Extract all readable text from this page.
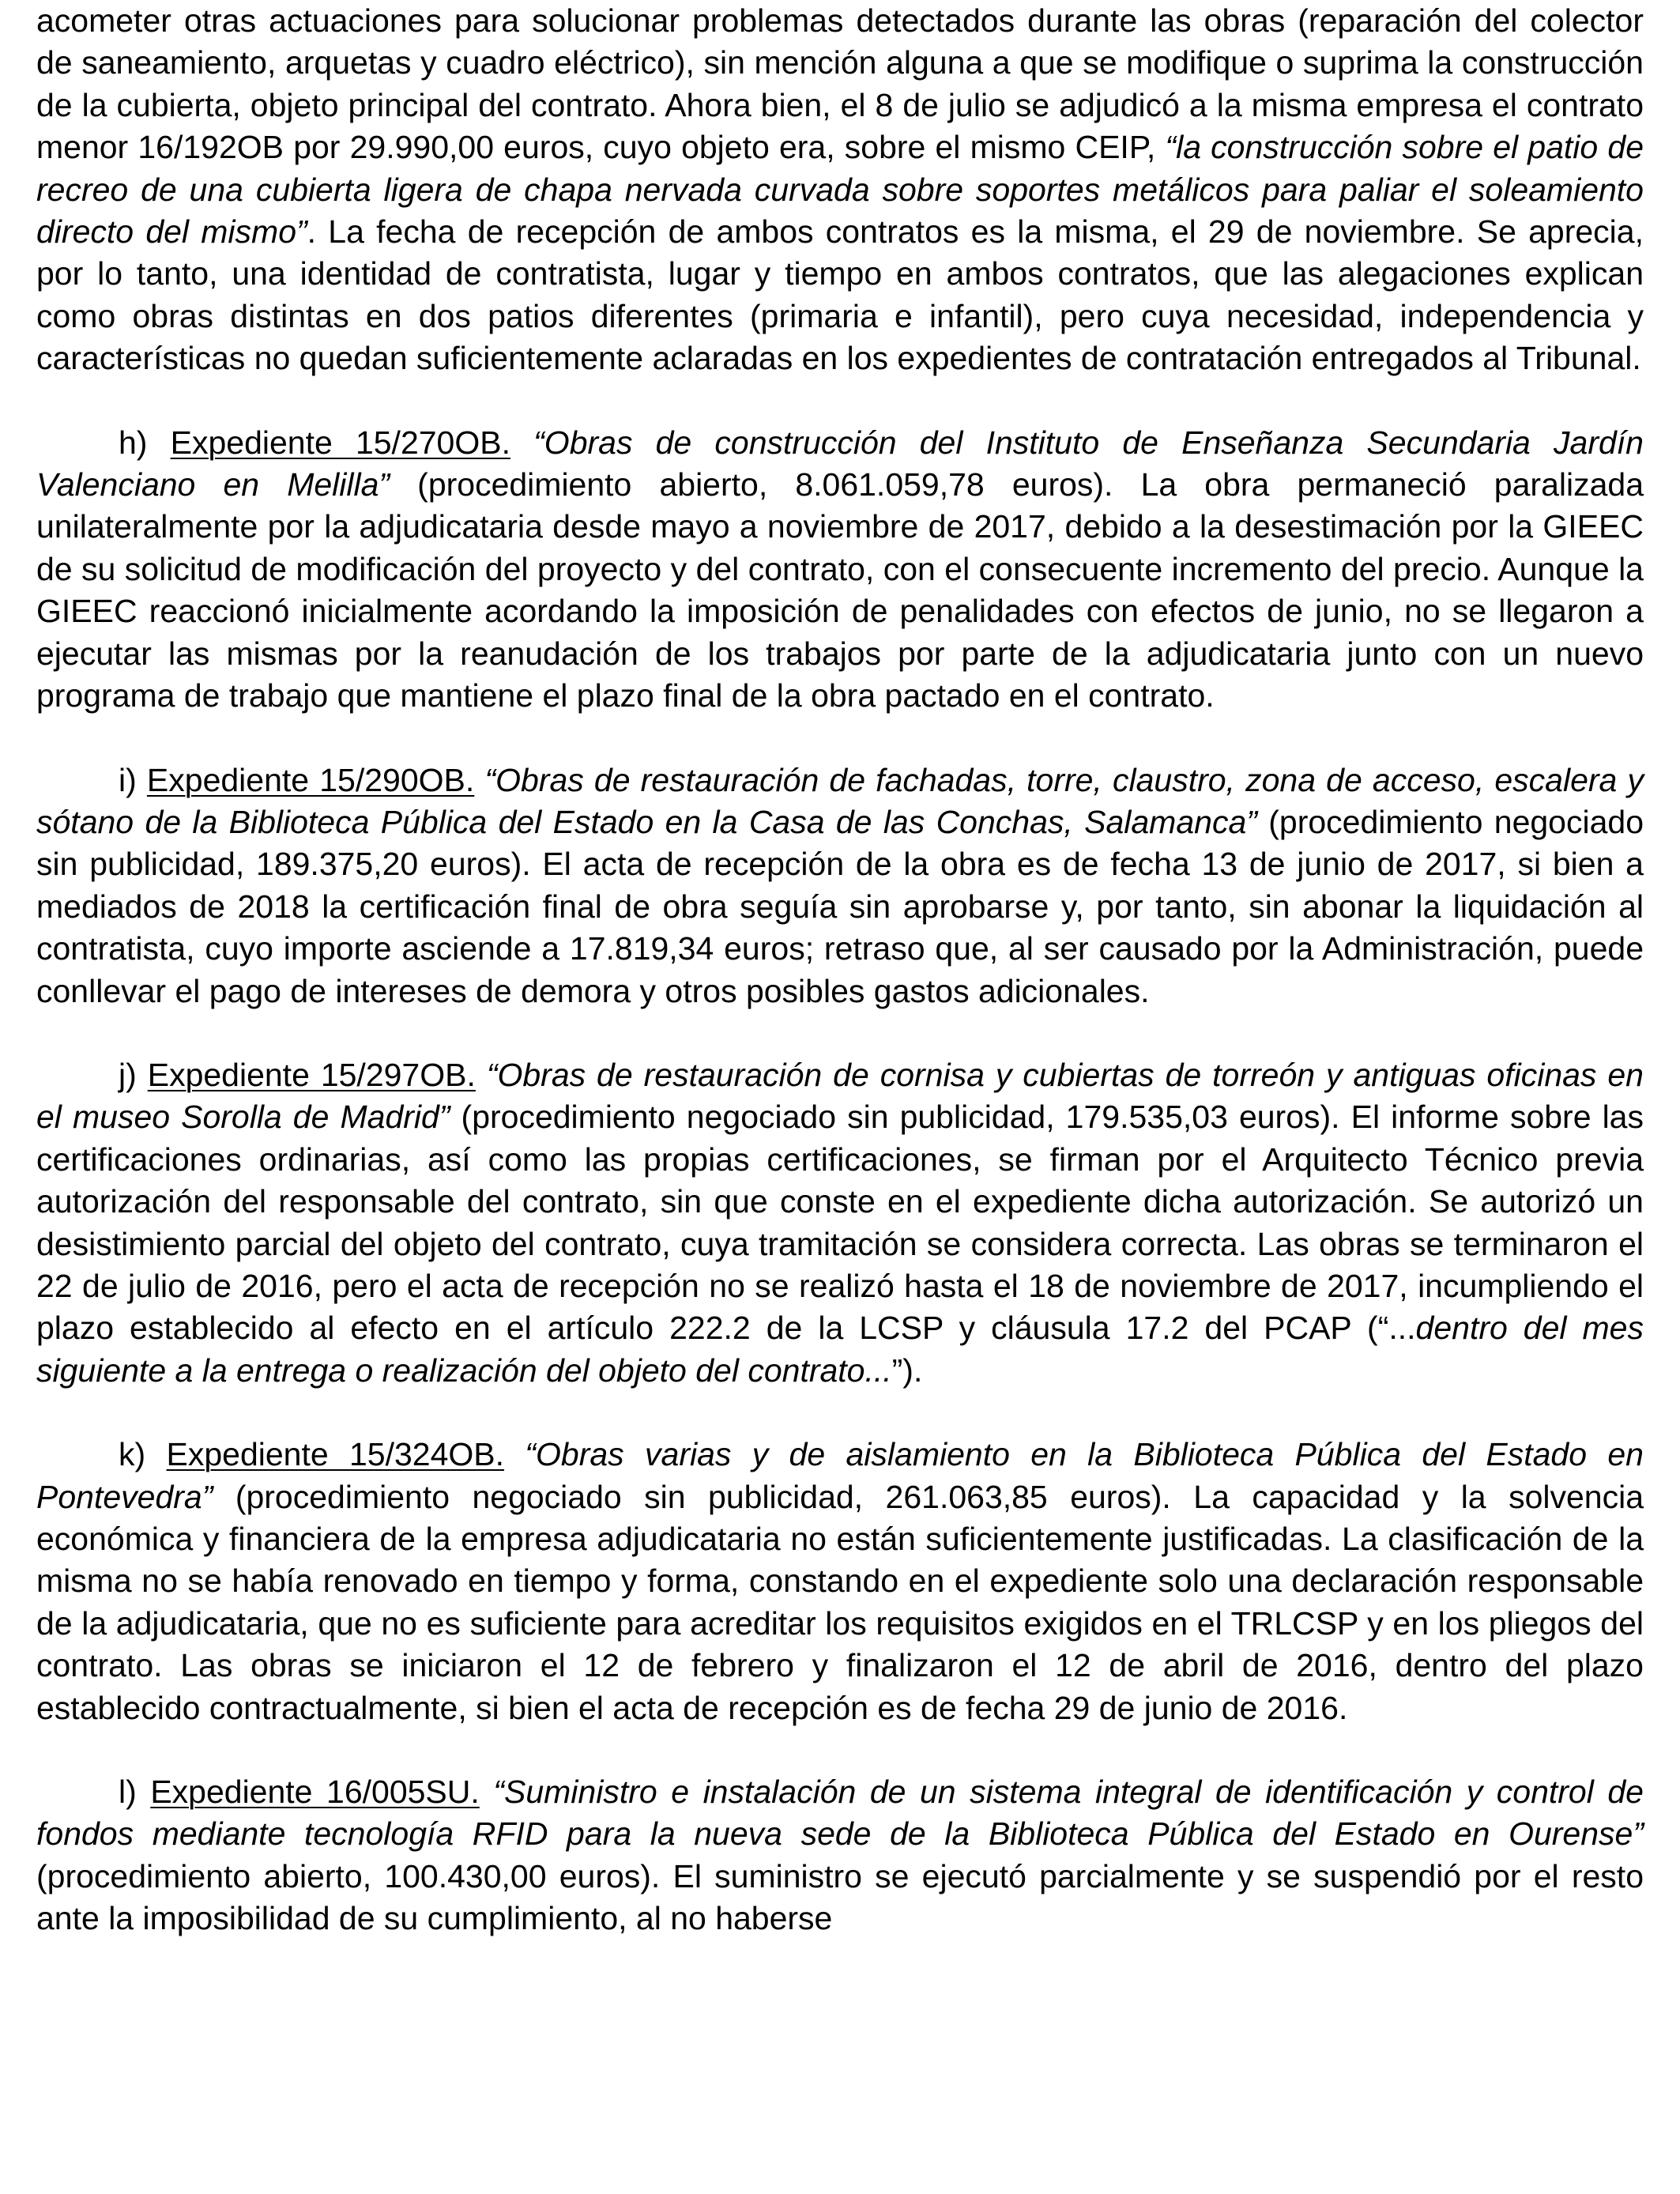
acometer otras actuaciones para solucionar problemas detectados durante las obras (reparación del colector de saneamiento, arquetas y cuadro eléctrico), sin mención alguna a que se modifique o suprima la construcción de la cubierta, objeto principal del contrato. Ahora bien, el 8 de julio se adjudicó a la misma empresa el contrato menor 16/192OB por 29.990,00 euros, cuyo objeto era, sobre el mismo CEIP, “la construcción sobre el patio de recreo de una cubierta ligera de chapa nervada curvada sobre soportes metálicos para paliar el soleamiento directo del mismo”. La fecha de recepción de ambos contratos es la misma, el 29 de noviembre. Se aprecia, por lo tanto, una identidad de contratista, lugar y tiempo en ambos contratos, que las alegaciones explican como obras distintas en dos patios diferentes (primaria e infantil), pero cuya necesidad, independencia y características no quedan suficientemente aclaradas en los expedientes de contratación entregados al Tribunal.

h) Expediente 15/270OB. “Obras de construcción del Instituto de Enseñanza Secundaria Jardín Valenciano en Melilla” (procedimiento abierto, 8.061.059,78 euros). La obra permaneció paralizada unilateralmente por la adjudicataria desde mayo a noviembre de 2017, debido a la desestimación por la GIEEC de su solicitud de modificación del proyecto y del contrato, con el consecuente incremento del precio. Aunque la GIEEC reaccionó inicialmente acordando la imposición de penalidades con efectos de junio, no se llegaron a ejecutar las mismas por la reanudación de los trabajos por parte de la adjudicataria junto con un nuevo programa de trabajo que mantiene el plazo final de la obra pactado en el contrato.

i) Expediente 15/290OB. “Obras de restauración de fachadas, torre, claustro, zona de acceso, escalera y sótano de la Biblioteca Pública del Estado en la Casa de las Conchas, Salamanca” (procedimiento negociado sin publicidad, 189.375,20 euros). El acta de recepción de la obra es de fecha 13 de junio de 2017, si bien a mediados de 2018 la certificación final de obra seguía sin aprobarse y, por tanto, sin abonar la liquidación al contratista, cuyo importe asciende a 17.819,34 euros; retraso que, al ser causado por la Administración, puede conllevar el pago de intereses de demora y otros posibles gastos adicionales.

j) Expediente 15/297OB. “Obras de restauración de cornisa y cubiertas de torreón y antiguas oficinas en el museo Sorolla de Madrid” (procedimiento negociado sin publicidad, 179.535,03 euros). El informe sobre las certificaciones ordinarias, así como las propias certificaciones, se firman por el Arquitecto Técnico previa autorización del responsable del contrato, sin que conste en el expediente dicha autorización. Se autorizó un desistimiento parcial del objeto del contrato, cuya tramitación se considera correcta. Las obras se terminaron el 22 de julio de 2016, pero el acta de recepción no se realizó hasta el 18 de noviembre de 2017, incumpliendo el plazo establecido al efecto en el artículo 222.2 de la LCSP y cláusula 17.2 del PCAP (“...dentro del mes siguiente a la entrega o realización del objeto del contrato...”).

k) Expediente 15/324OB. “Obras varias y de aislamiento en la Biblioteca Pública del Estado en Pontevedra” (procedimiento negociado sin publicidad, 261.063,85 euros). La capacidad y la solvencia económica y financiera de la empresa adjudicataria no están suficientemente justificadas. La clasificación de la misma no se había renovado en tiempo y forma, constando en el expediente solo una declaración responsable de la adjudicataria, que no es suficiente para acreditar los requisitos exigidos en el TRLCSP y en los pliegos del contrato. Las obras se iniciaron el 12 de febrero y finalizaron el 12 de abril de 2016, dentro del plazo establecido contractualmente, si bien el acta de recepción es de fecha 29 de junio de 2016.

l) Expediente 16/005SU. “Suministro e instalación de un sistema integral de identificación y control de fondos mediante tecnología RFID para la nueva sede de la Biblioteca Pública del Estado en Ourense” (procedimiento abierto, 100.430,00 euros). El suministro se ejecutó parcialmente y se suspendió por el resto ante la imposibilidad de su cumplimiento, al no haberse
